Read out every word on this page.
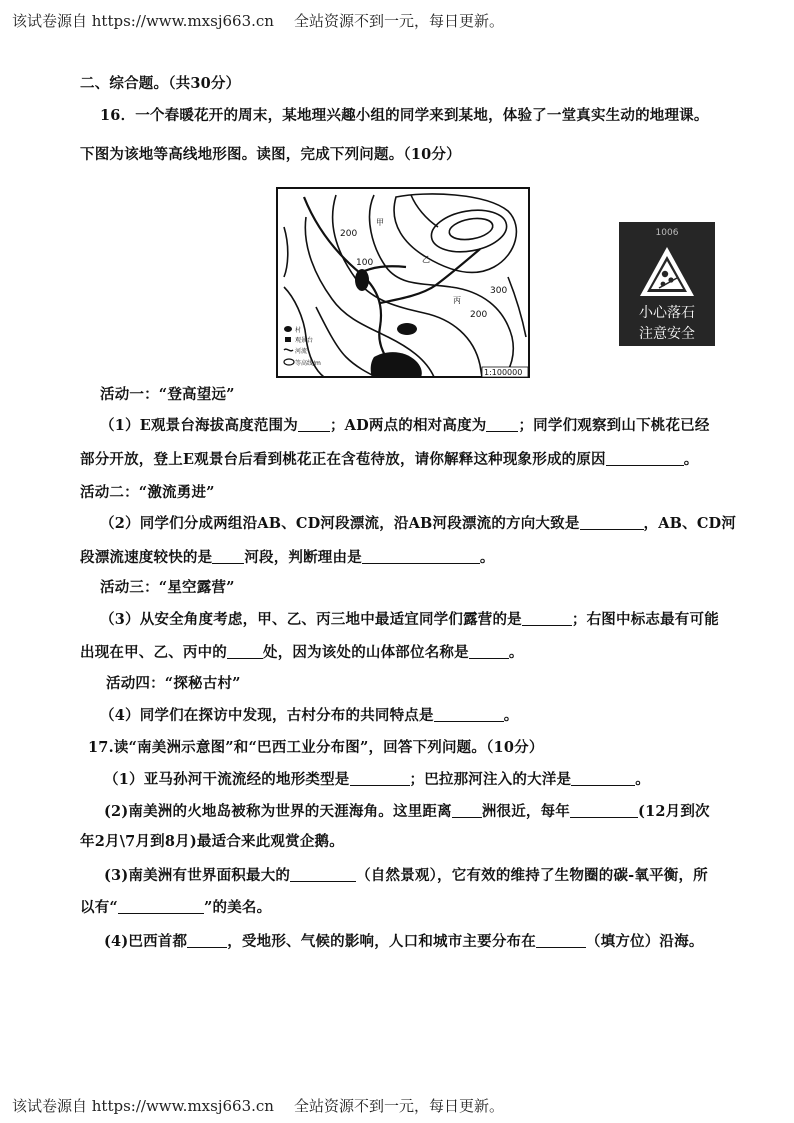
该试卷源自 https://www.mxsj663.cn 全站资源不到一元，每日更新。
二、综合题。（共30分）
16．一个春暖花开的周末，某地理兴趣小组的同学来到某地，体验了一堂真实生动的地理课。
下图为该地等高线地形图。读图，完成下列问题。（10分）
200
100
300
200
甲
乙
丙
村
观景台
河流
等高线/m
1:100000
1006
小心落石
注意安全
活动一：“登高望远”
（1）E观景台海拔高度范围为 ；AD两点的相对高度为 ；同学们观察到山下桃花已经
部分开放，登上E观景台后看到桃花正在含苞待放，请你解释这种现象形成的原因	。
活动二：“激流勇进”
（2）同学们分成两组沿AB、CD河段漂流，沿AB河段漂流的方向大致是	，AB、CD河
段漂流速度较快的是 河段，判断理由是	。
活动三：“星空露营”
（3）从安全角度考虑，甲、乙、丙三地中最适宜同学们露营的是	；右图中标志最有可能
出现在甲、乙、丙中的 处，因为该处的山体部位名称是	。
活动四：“探秘古村”
（4）同学们在探访中发现，古村分布的共同特点是	。
17.读“南美洲示意图”和“巴西工业分布图”，回答下列问题。（10分）
（1）亚马孙河干流流经的地形类型是	；巴拉那河注入的大洋是	。
(2)南美洲的火地岛被称为世界的天涯海角。这里距离 洲很近，每年	(12月到次
年2月\7月到8月)最适合来此观赏企鹅。
(3)南美洲有世界面积最大的	（自然景观），它有效的维持了生物圈的碳-氧平衡，所
以有“	”的美名。
(4)巴西首都	，受地形、气候的影响，人口和城市主要分布在	（填方位）沿海。
该试卷源自 https://www.mxsj663.cn 全站资源不到一元，每日更新。
